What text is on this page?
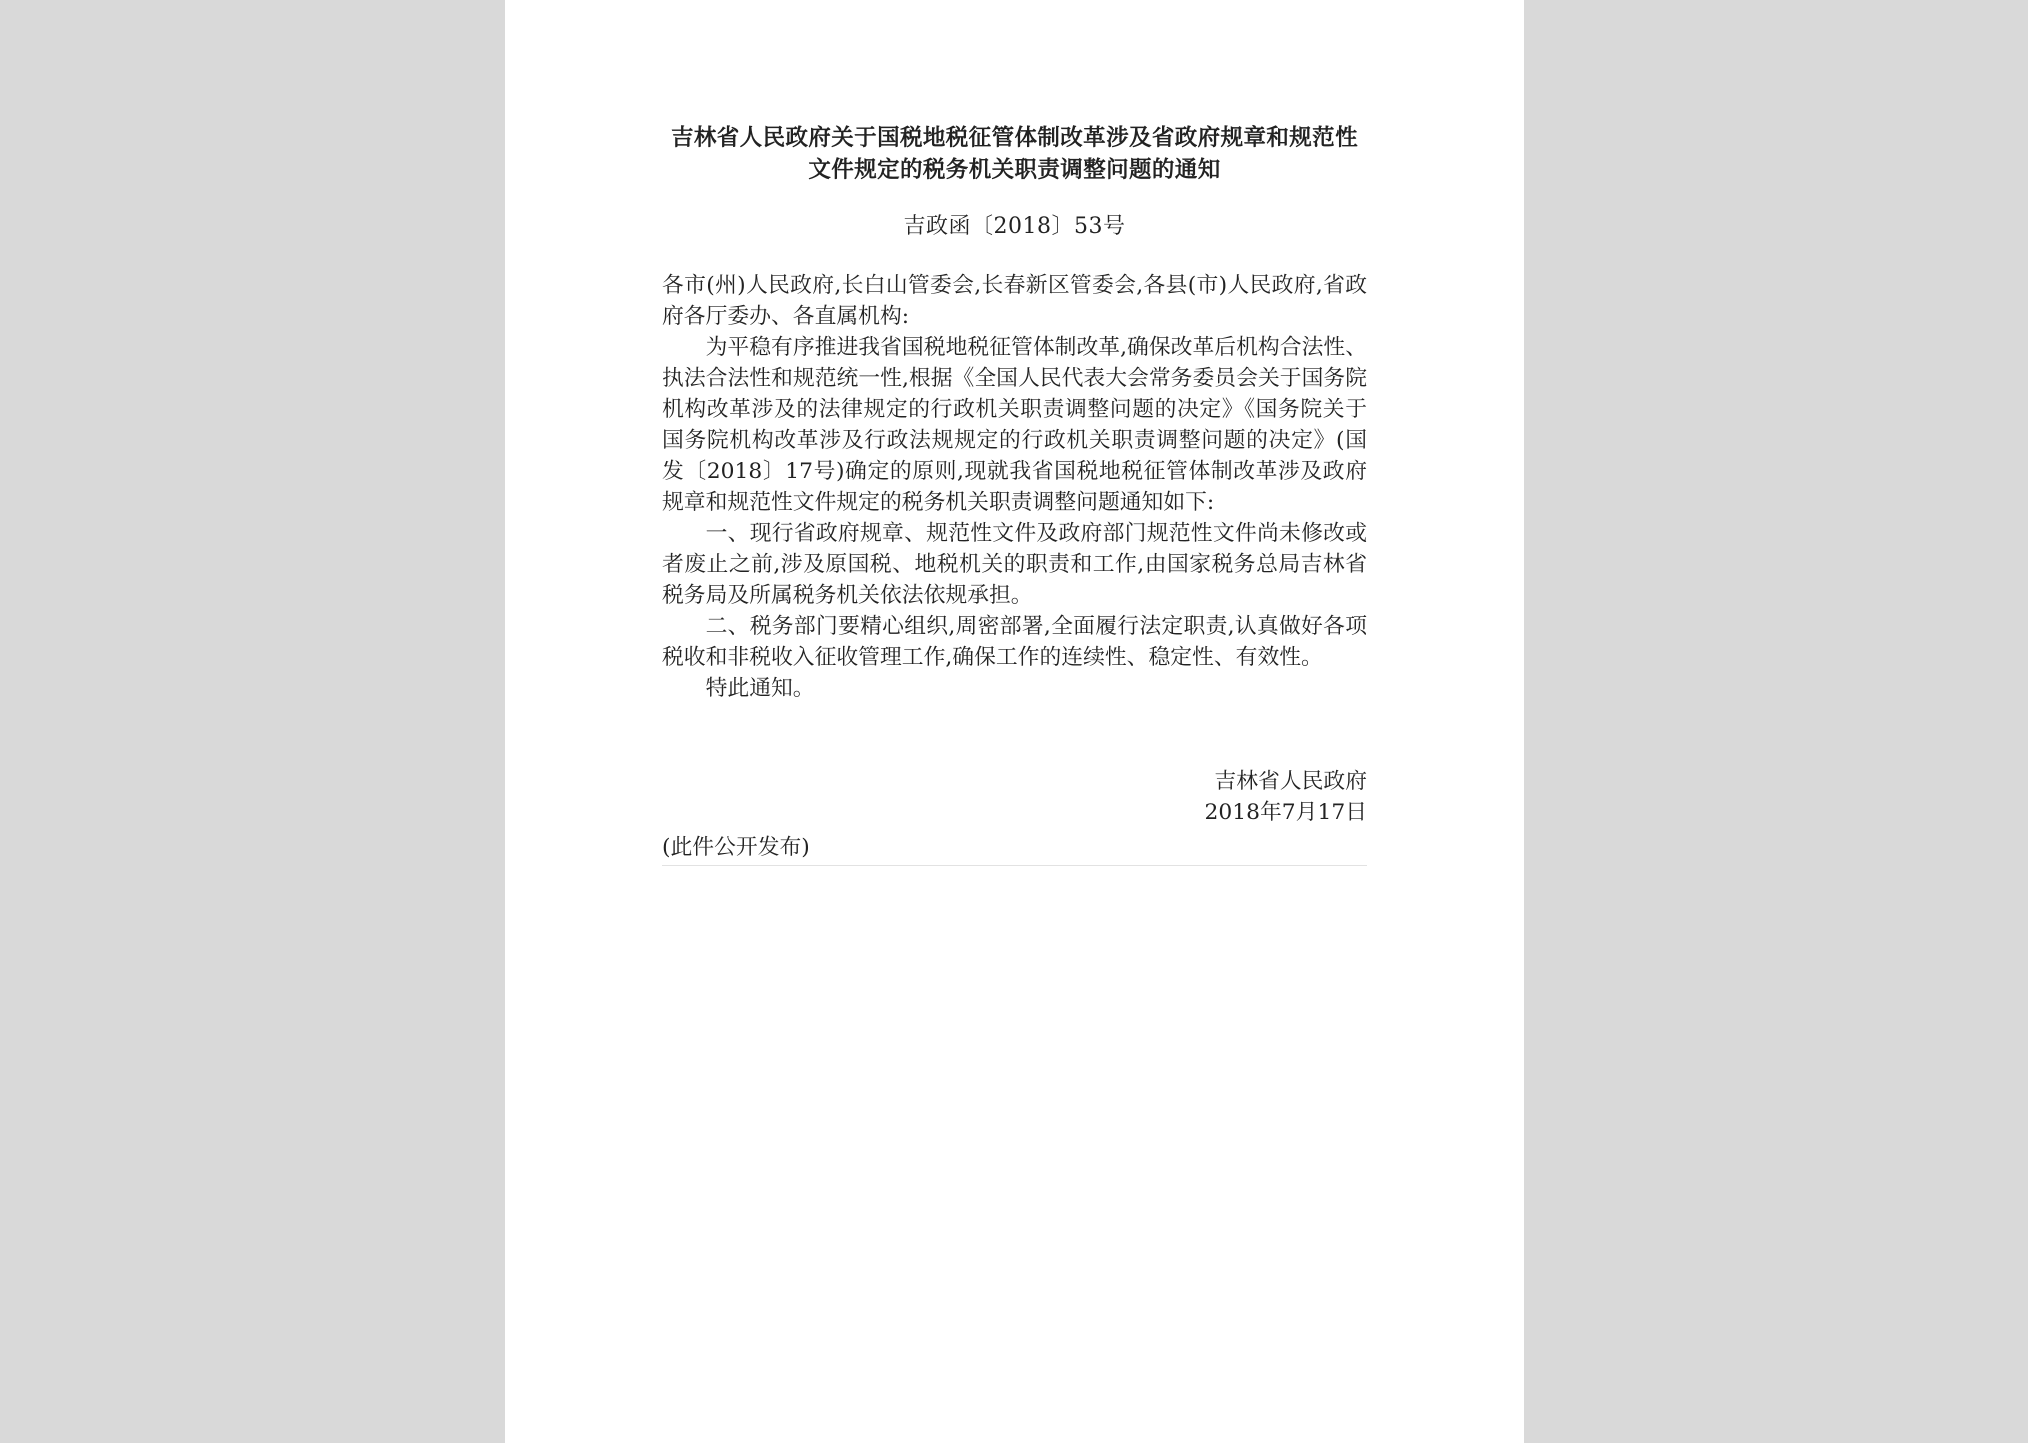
吉林省人民政府关于国税地税征管体制改革涉及省政府规章和规范性文件规定的税务机关职责调整问题的通知
吉政函〔2018〕53号

各市(州)人民政府,长白山管委会,长春新区管委会,各县(市)人民政府,省政府各厅委办、各直属机构:

为平稳有序推进我省国税地税征管体制改革,确保改革后机构合法性、执法合法性和规范统一性,根据《全国人民代表大会常务委员会关于国务院机构改革涉及的法律规定的行政机关职责调整问题的决定》《国务院关于国务院机构改革涉及行政法规规定的行政机关职责调整问题的决定》(国发〔2018〕17号)确定的原则,现就我省国税地税征管体制改革涉及政府规章和规范性文件规定的税务机关职责调整问题通知如下:

一、现行省政府规章、规范性文件及政府部门规范性文件尚未修改或者废止之前,涉及原国税、地税机关的职责和工作,由国家税务总局吉林省税务局及所属税务机关依法依规承担。

二、税务部门要精心组织,周密部署,全面履行法定职责,认真做好各项税收和非税收入征收管理工作,确保工作的连续性、稳定性、有效性。

特此通知。

吉林省人民政府
2018年7月17日
(此件公开发布)
